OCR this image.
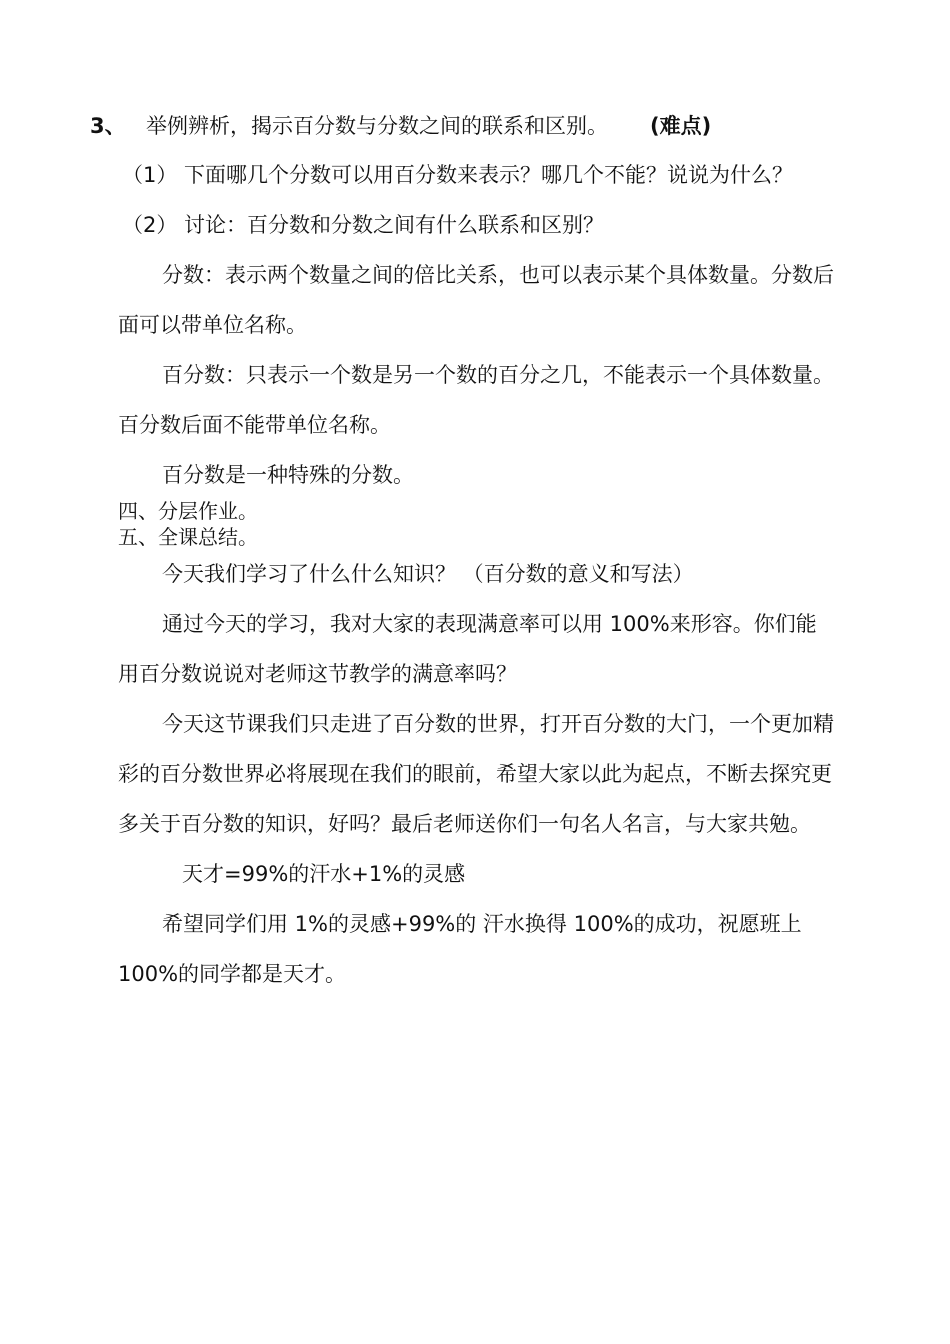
3、 举例辨析，揭示百分数与分数之间的联系和区别。 (难点)
（1） 下面哪几个分数可以用百分数来表示？哪几个不能？说说为什么？
（2） 讨论：百分数和分数之间有什么联系和区别？
分数：表示两个数量之间的倍比关系，也可以表示某个具体数量。分数后
面可以带单位名称。
百分数：只表示一个数是另一个数的百分之几，不能表示一个具体数量。
百分数后面不能带单位名称。
百分数是一种特殊的分数。
四、分层作业。
五、全课总结。
今天我们学习了什么什么知识？ （百分数的意义和写法）
通过今天的学习，我对大家的表现满意率可以用 100%来形容。你们能
用百分数说说对老师这节教学的满意率吗？
今天这节课我们只走进了百分数的世界，打开百分数的大门，一个更加精
彩的百分数世界必将展现在我们的眼前，希望大家以此为起点，不断去探究更
多关于百分数的知识，好吗？最后老师送你们一句名人名言，与大家共勉。
天才=99%的汗水+1%的灵感
希望同学们用 1%的灵感+99%的 汗水换得 100%的成功，祝愿班上
100%的同学都是天才。
